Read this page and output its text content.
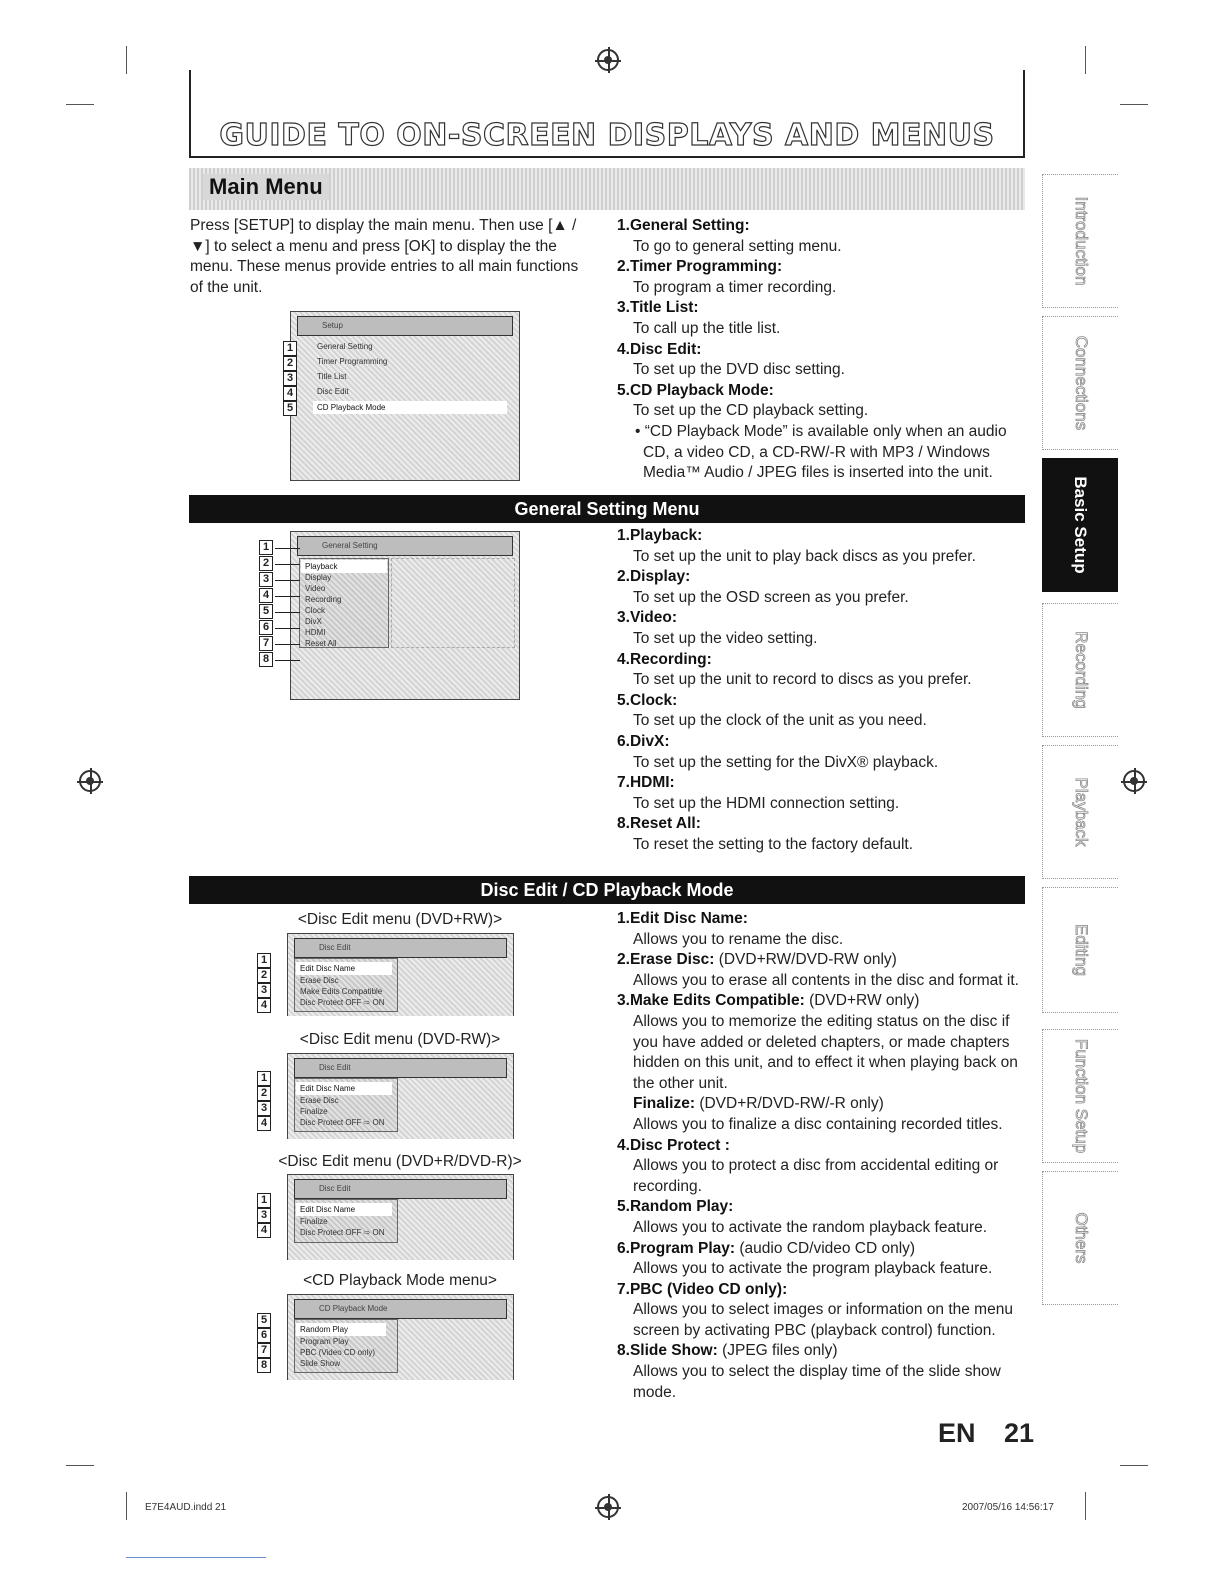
GUIDE TO ON-SCREEN DISPLAYS AND MENUS
Main Menu
Press [SETUP] to display the main menu. Then use [▲ / ▼] to select a menu and press [OK] to display the the menu. These menus provide entries to all main functions of the unit.
Setup
General Setting
Timer Programming
Title List
Disc Edit
CD Playback Mode
1
2
3
4
5
1.General Setting:
To go to general setting menu.
2.Timer Programming:
To program a timer recording.
3.Title List:
To call up the title list.
4.Disc Edit:
To set up the DVD disc setting.
5.CD Playback Mode:
To set up the CD playback setting.
• “CD Playback Mode” is available only when an audio CD, a video CD, a CD-RW/-R with MP3 / Windows Media™ Audio / JPEG files is inserted into the unit.
General Setting Menu
General Setting
Playback
Display
Video
Recording
Clock
DivX
HDMI
Reset All
1
2
3
4
5
6
7
8
1.Playback:
To set up the unit to play back discs as you prefer.
2.Display:
To set up the OSD screen as you prefer.
3.Video:
To set up the video setting.
4.Recording:
To set up the unit to record to discs as you prefer.
5.Clock:
To set up the clock of the unit as you need.
6.DivX:
To set up the setting for the DivX® playback.
7.HDMI:
To set up the HDMI connection setting.
8.Reset All:
To reset the setting to the factory default.
Disc Edit / CD Playback Mode
<Disc Edit menu (DVD+RW)>
Disc Edit
Edit Disc Name
Erase Disc
Make Edits Compatible
Disc Protect OFF ⇨ ON
1
2
3
4
<Disc Edit menu (DVD-RW)>
Disc Edit
Edit Disc Name
Erase Disc
Finalize
Disc Protect OFF ⇨ ON
1
2
3
4
<Disc Edit menu (DVD+R/DVD-R)>
Disc Edit
Edit Disc Name
Finalize
Disc Protect OFF ⇨ ON
1
3
4
<CD Playback Mode menu>
CD Playback Mode
Random Play
Program Play
PBC (Video CD only)
Slide Show
5
6
7
8
1.Edit Disc Name:
Allows you to rename the disc.
2.Erase Disc: (DVD+RW/DVD-RW only)
Allows you to erase all contents in the disc and format it.
3.Make Edits Compatible: (DVD+RW only)
Allows you to memorize the editing status on the disc if you have added or deleted chapters, or made chapters hidden on this unit, and to effect it when playing back on the other unit.
Finalize: (DVD+R/DVD-RW/-R only)
Allows you to finalize a disc containing recorded titles.
4.Disc Protect :
Allows you to protect a disc from accidental editing or recording.
5.Random Play:
Allows you to activate the random playback feature.
6.Program Play: (audio CD/video CD only)
Allows you to activate the program playback feature.
7.PBC (Video CD only):
Allows you to select images or information on the menu screen by activating PBC (playback control) function.
8.Slide Show: (JPEG files only)
Allows you to select the display time of the slide show mode.
Introduction
Connections
Basic Setup
Recording
Playback
Editing
Function Setup
Others
EN 21
E7E4AUD.indd 21	2007/05/16 14:56:17
